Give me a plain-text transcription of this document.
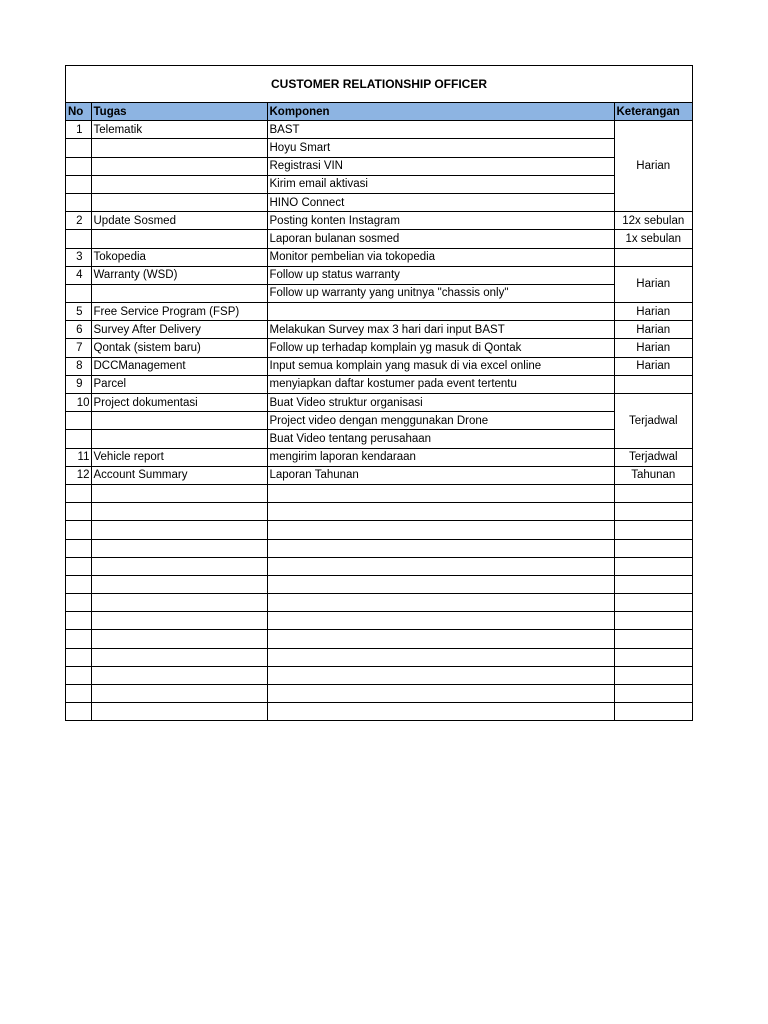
CUSTOMER RELATIONSHIP OFFICER
No	Tugas	Komponen	Keterangan
1	Telematik	BAST	Harian
		Hoyu Smart	
		Registrasi VIN	
		Kirim email aktivasi	
		HINO Connect	
2	Update Sosmed	Posting konten Instagram	12x sebulan
		Laporan bulanan sosmed	1x sebulan
3	Tokopedia	Monitor pembelian via tokopedia	
4	Warranty (WSD)	Follow up status warranty	Harian
		Follow up warranty yang unitnya "chassis only"	
5	Free Service Program (FSP)		Harian
6	Survey After Delivery	Melakukan Survey max 3 hari dari input BAST	Harian
7	Qontak (sistem baru)	Follow up terhadap komplain yg masuk di Qontak	Harian
8	DCCManagement	Input semua komplain yang masuk di via excel online	Harian
9	Parcel	menyiapkan daftar kostumer pada event tertentu	
10	Project dokumentasi	Buat Video struktur organisasi	Terjadwal
		Project video dengan menggunakan Drone	
		Buat Video tentang perusahaan	
11	Vehicle report	mengirim laporan kendaraan	Terjadwal
12	Account Summary	Laporan Tahunan	Tahunan
